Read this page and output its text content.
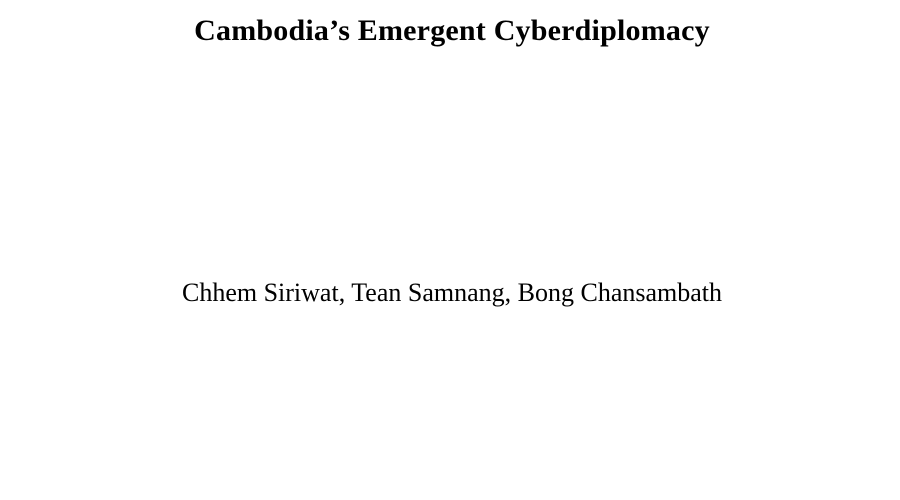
Cambodia’s Emergent Cyberdiplomacy
Chhem Siriwat, Tean Samnang, Bong Chansambath
